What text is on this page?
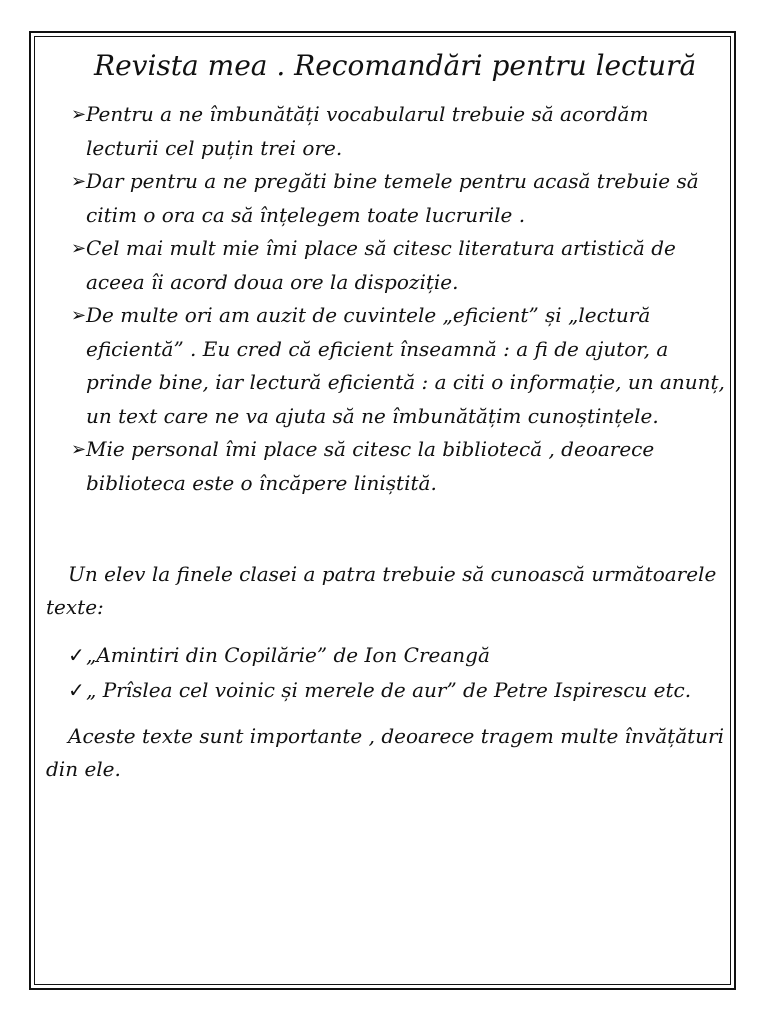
Revista mea . Recomandări pentru lectură
➢ Pentru a ne îmbunătăți vocabularul trebuie să acordăm lecturii cel puțin trei ore.
➢ Dar pentru a ne pregăti bine temele pentru acasă trebuie să citim o ora ca să înțelegem toate lucrurile .
➢ Cel mai mult mie îmi place să citesc literatura artistică de aceea îi acord doua ore la dispoziție.
➢ De multe ori am auzit de cuvintele „eficient” și „lectură eficientă” . Eu cred că eficient înseamnă : a fi de ajutor, a prinde bine, iar lectură eficientă : a citi o informație, un anunț, un text care ne va ajuta să ne îmbunătățim cunoștințele.
➢ Mie personal îmi place să citesc la bibliotecă , deoarece biblioteca este o încăpere liniștită.

Un elev la finele clasei a patra trebuie să cunoască următoarele texte:

✓ „Amintiri din Copilărie” de Ion Creangă
✓ „ Prîslea cel voinic și merele de aur” de Petre Ispirescu etc.

Aceste texte sunt importante , deoarece tragem multe învățături din ele.
